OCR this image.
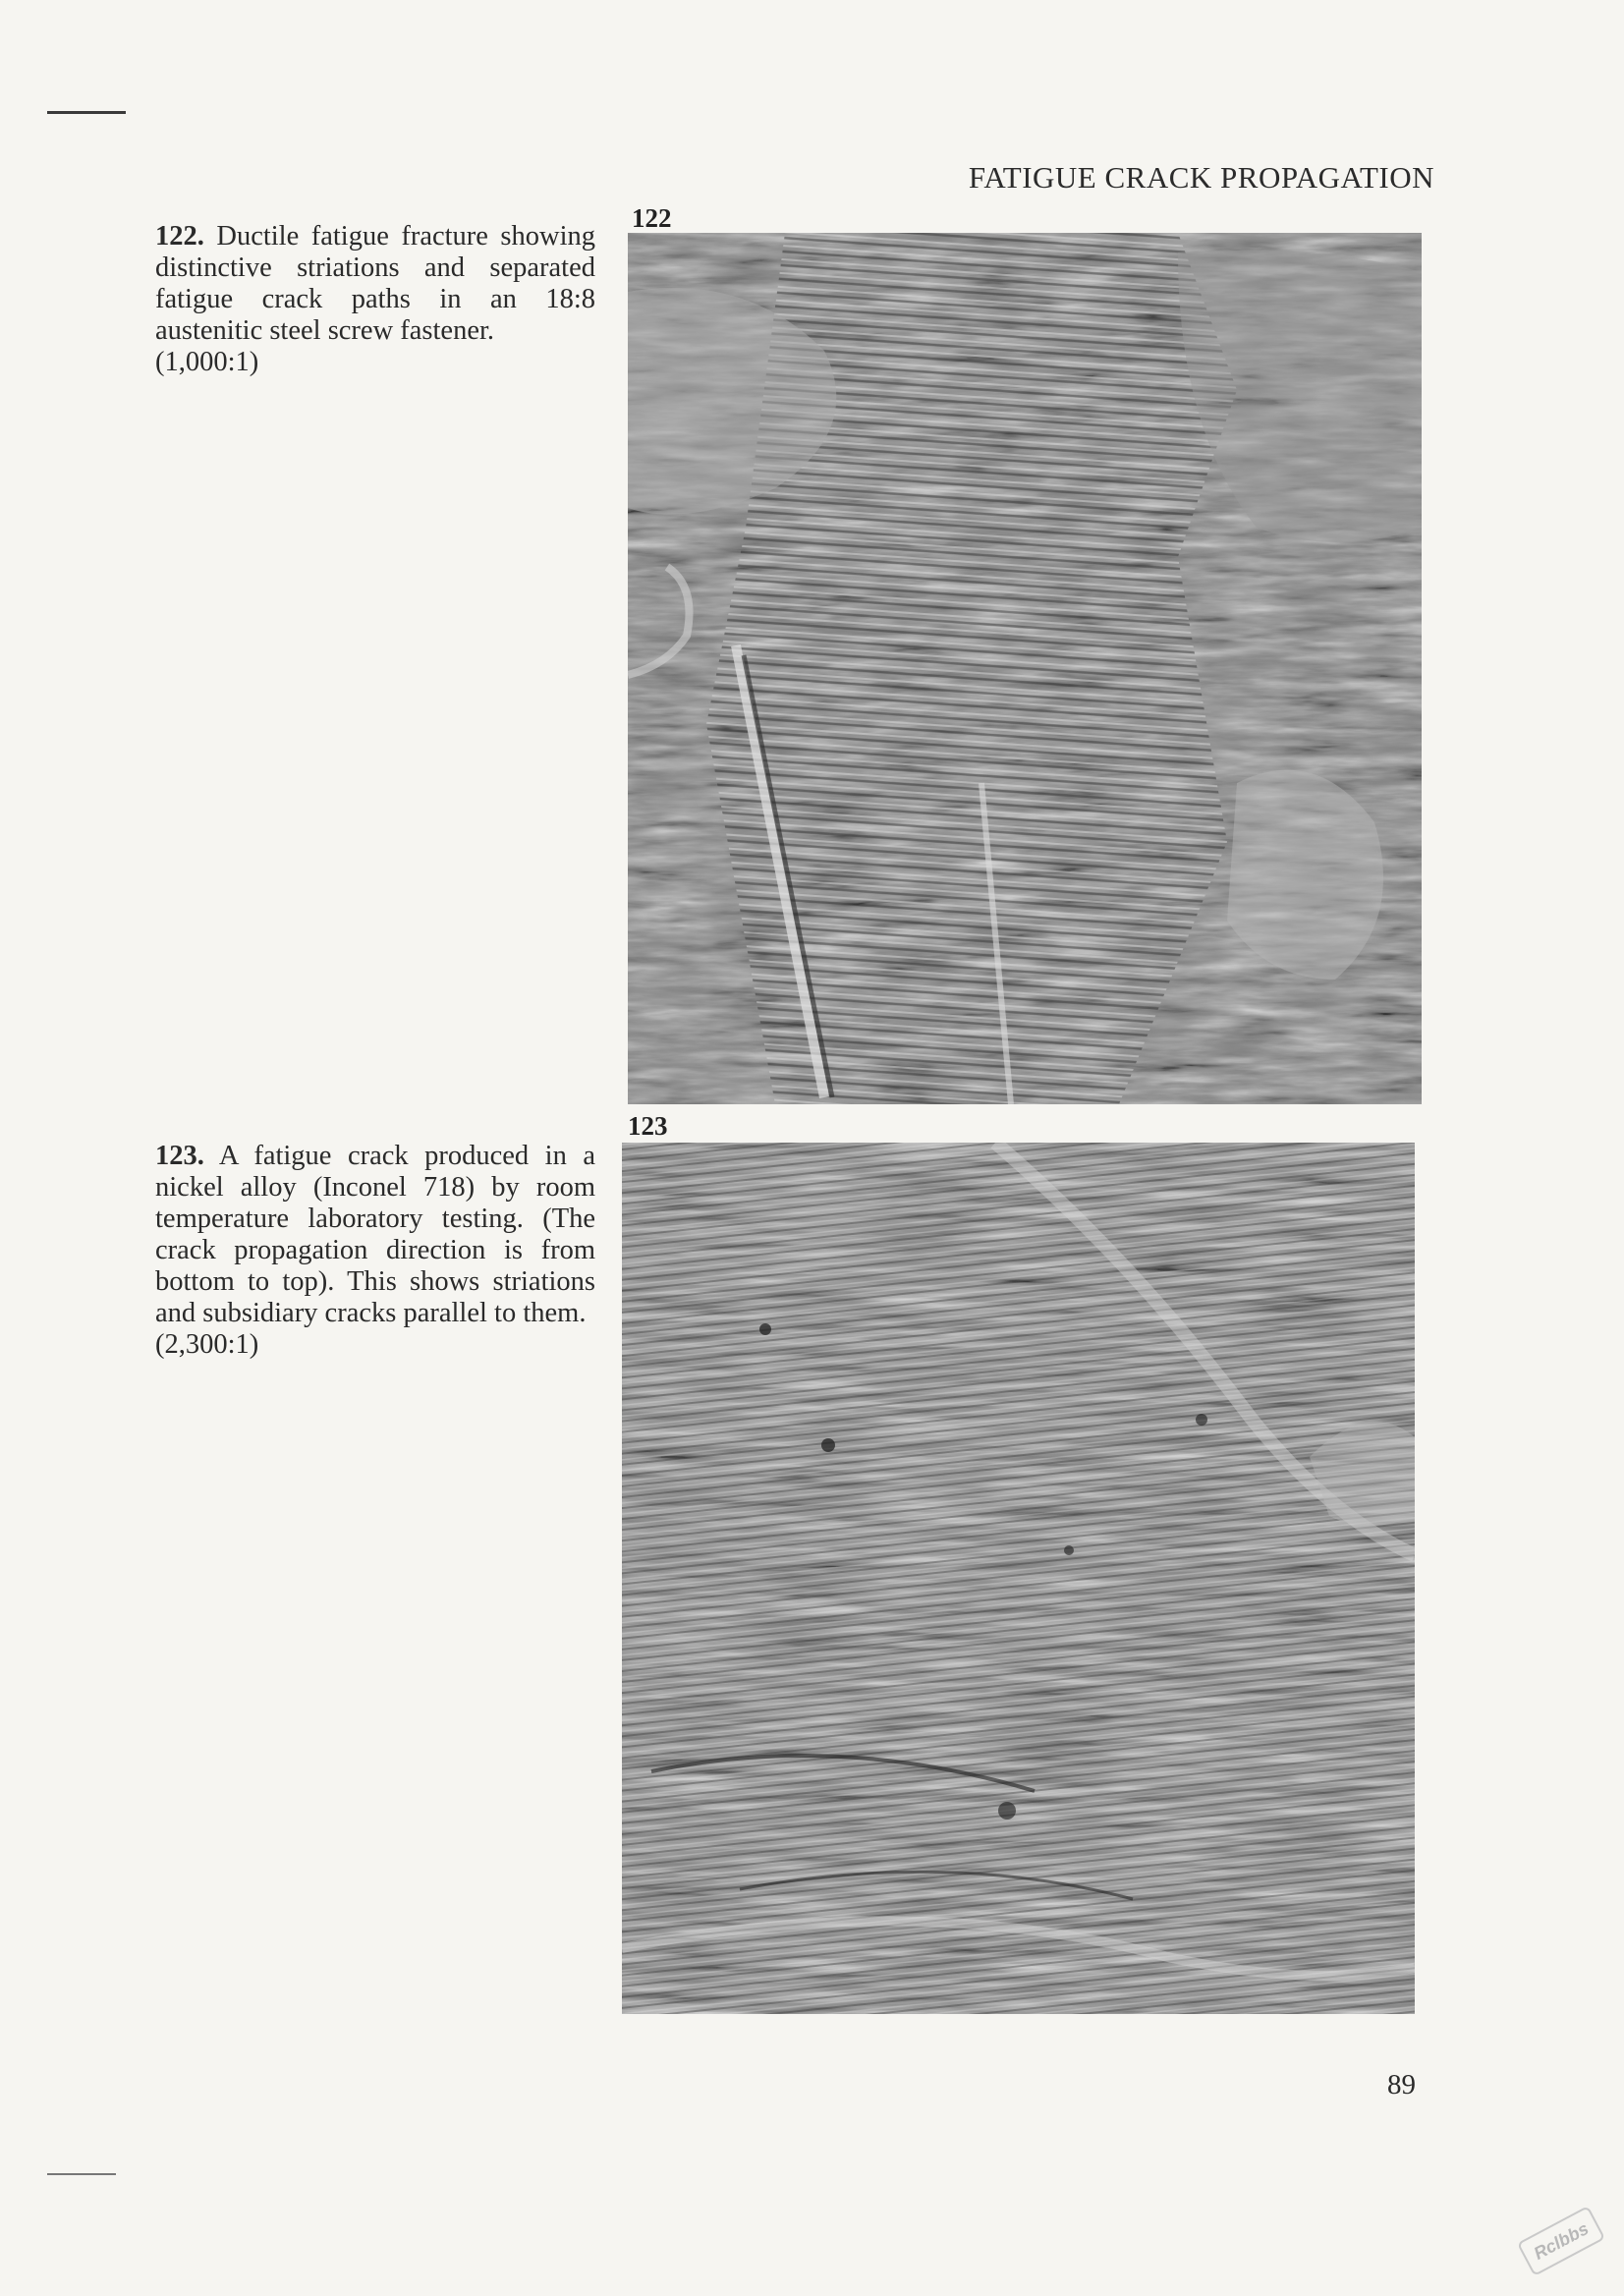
FATIGUE CRACK PROPAGATION
122
122. Ductile fatigue fracture showing distinctive striations and separated fatigue crack paths in an 18:8 austenitic steel screw fastener.
(1,000:1)
123
123. A fatigue crack produced in a nickel alloy (Inconel 718) by room temperature laboratory testing. (The crack propagation direction is from bottom to top). This shows striations and subsidiary cracks parallel to them.
(2,300:1)
89
Rclbbs
